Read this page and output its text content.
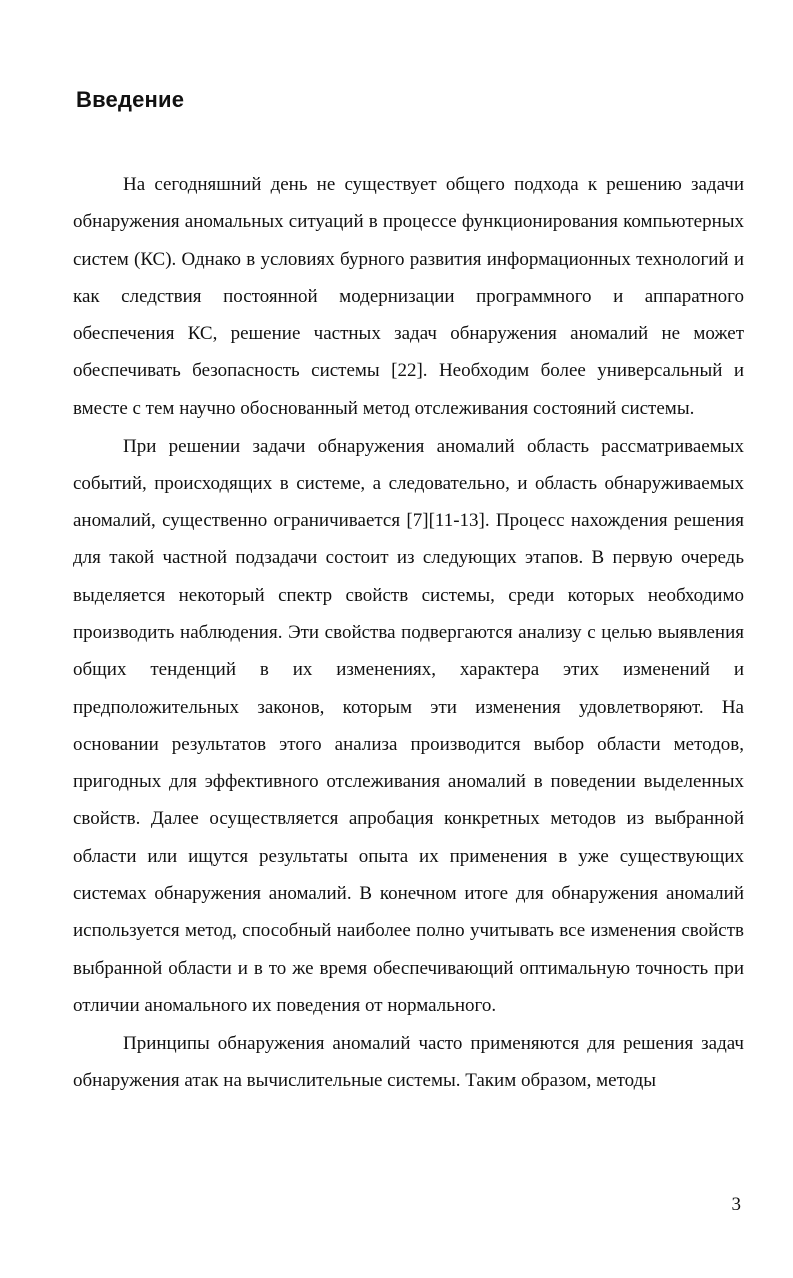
Введение

На сегодняшний день не существует общего подхода к решению задачи обнаружения аномальных ситуаций в процессе функционирования компьютерных систем (КС). Однако в условиях бурного развития информационных технологий и как следствия постоянной модернизации программного и аппаратного обеспечения КС, решение частных задач обнаружения аномалий не может обеспечивать безопасность системы [22]. Необходим более универсальный и вместе с тем научно обоснованный метод отслеживания состояний системы.

При решении задачи обнаружения аномалий область рассматриваемых событий, происходящих в системе, а следовательно, и область обнаруживаемых аномалий, существенно ограничивается [7][11-13]. Процесс нахождения решения для такой частной подзадачи состоит из следующих этапов. В первую очередь выделяется некоторый спектр свойств системы, среди которых необходимо производить наблюдения. Эти свойства подвергаются анализу с целью выявления общих тенденций в их изменениях, характера этих изменений и предположительных законов, которым эти изменения удовлетворяют. На основании результатов этого анализа производится выбор области методов, пригодных для эффективного отслеживания аномалий в поведении выделенных свойств. Далее осуществляется апробация конкретных методов из выбранной области или ищутся результаты опыта их применения в уже существующих системах обнаружения аномалий. В конечном итоге для обнаружения аномалий используется метод, способный наиболее полно учитывать все изменения свойств выбранной области и в то же время обеспечивающий оптимальную точность при отличии аномального их поведения от нормального.

Принципы обнаружения аномалий часто применяются для решения задач обнаружения атак на вычислительные системы. Таким образом, методы

3
